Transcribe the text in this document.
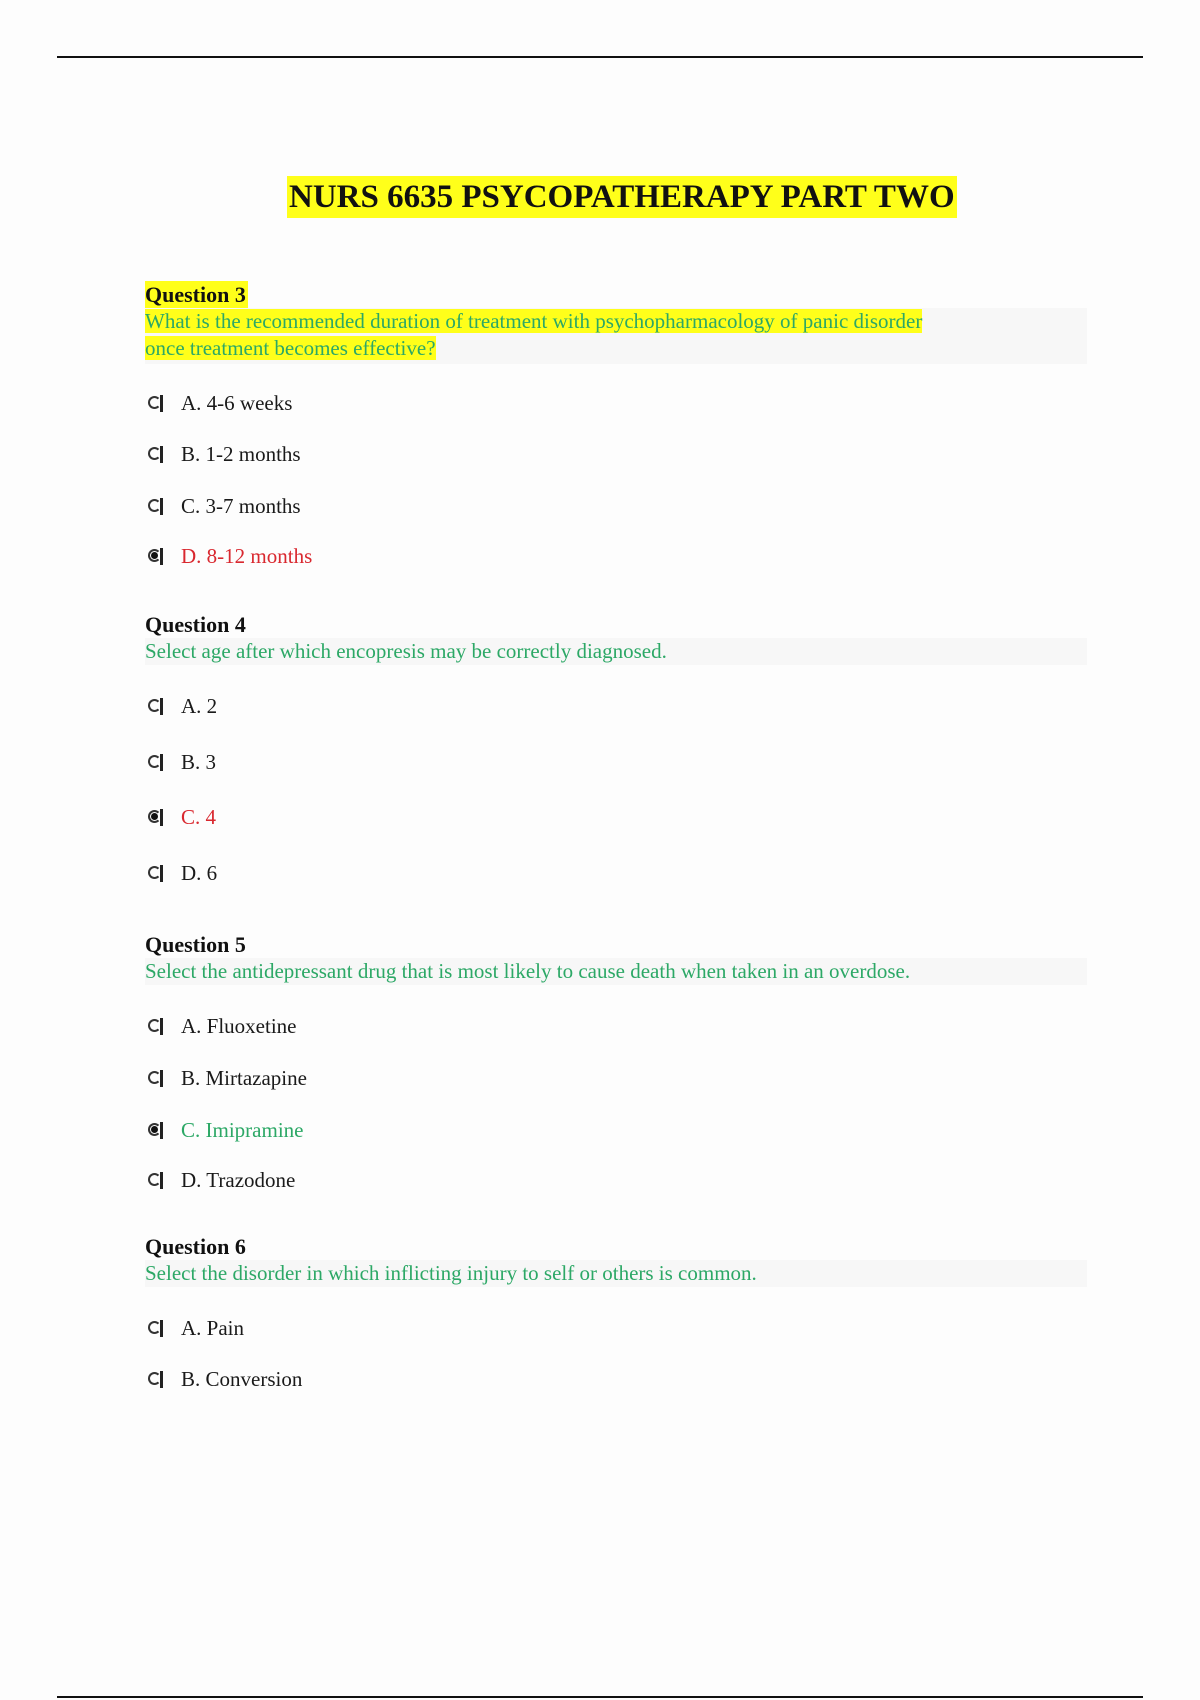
NURS 6635 PSYCOPATHERAPY PART TWO
Question 3
What is the recommended duration of treatment with psychopharmacology of panic disorder
once treatment becomes effective?
A. 4-6 weeks
B. 1-2 months
C. 3-7 months
D. 8-12 months
Question 4
Select age after which encopresis may be correctly diagnosed.
A. 2
B. 3
C. 4
D. 6
Question 5
Select the antidepressant drug that is most likely to cause death when taken in an overdose.
A. Fluoxetine
B. Mirtazapine
C. Imipramine
D. Trazodone
Question 6
Select the disorder in which inflicting injury to self or others is common.
A. Pain
B. Conversion
